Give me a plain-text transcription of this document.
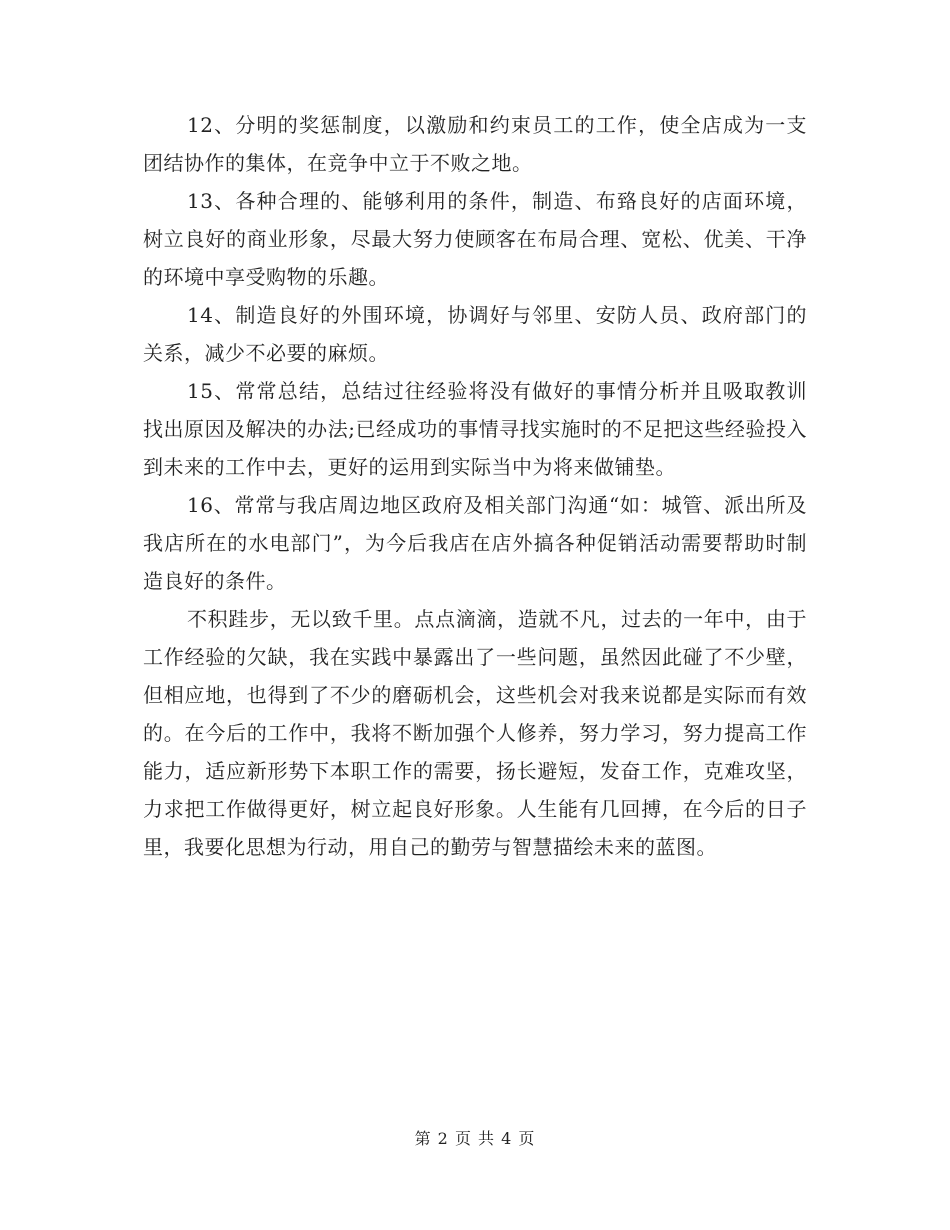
12、分明的奖惩制度，以激励和约束员工的工作，使全店成为一支团结协作的集体，在竞争中立于不败之地。

13、各种合理的、能够利用的条件，制造、布臵良好的店面环境，树立良好的商业形象，尽最大努力使顾客在布局合理、宽松、优美、干净的环境中享受购物的乐趣。

14、制造良好的外围环境，协调好与邻里、安防人员、政府部门的关系，减少不必要的麻烦。

15、常常总结，总结过往经验将没有做好的事情分析并且吸取教训找出原因及解决的办法;已经成功的事情寻找实施时的不足把这些经验投入到未来的工作中去，更好的运用到实际当中为将来做铺垫。

16、常常与我店周边地区政府及相关部门沟通“如：城管、派出所及我店所在的水电部门”，为今后我店在店外搞各种促销活动需要帮助时制造良好的条件。

不积跬步，无以致千里。点点滴滴，造就不凡，过去的一年中，由于工作经验的欠缺，我在实践中暴露出了一些问题，虽然因此碰了不少壁，但相应地，也得到了不少的磨砺机会，这些机会对我来说都是实际而有效的。在今后的工作中，我将不断加强个人修养，努力学习，努力提高工作能力，适应新形势下本职工作的需要，扬长避短，发奋工作，克难攻坚，力求把工作做得更好，树立起良好形象。人生能有几回搏，在今后的日子里，我要化思想为行动，用自己的勤劳与智慧描绘未来的蓝图。

第 2 页 共 4 页
